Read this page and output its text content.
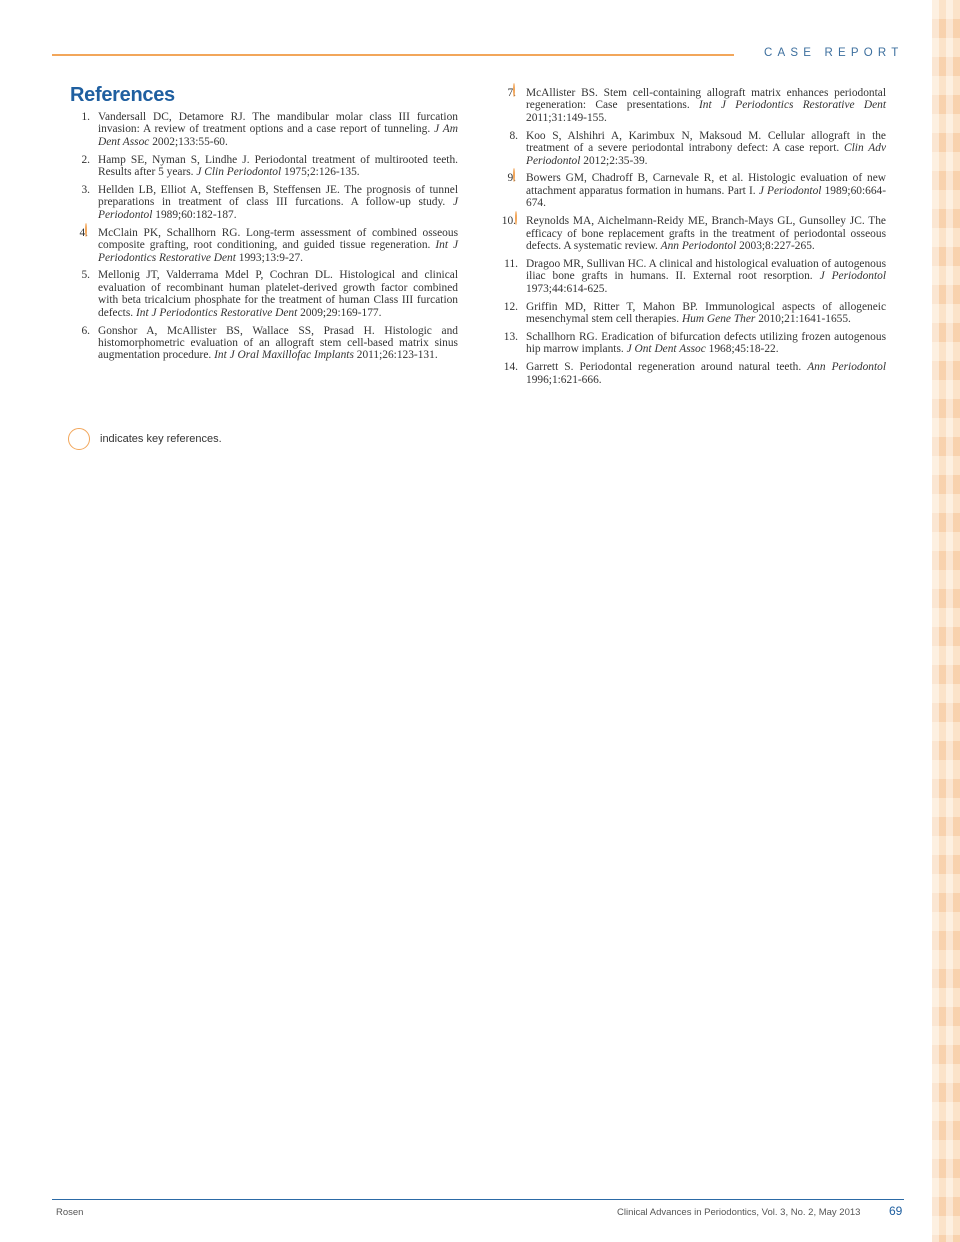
CASE REPORT
References
1. Vandersall DC, Detamore RJ. The mandibular molar class III furcation invasion: A review of treatment options and a case report of tunneling. J Am Dent Assoc 2002;133:55-60.
2. Hamp SE, Nyman S, Lindhe J. Periodontal treatment of multirooted teeth. Results after 5 years. J Clin Periodontol 1975;2:126-135.
3. Hellden LB, Elliot A, Steffensen B, Steffensen JE. The prognosis of tunnel preparations in treatment of class III furcations. A follow-up study. J Periodontol 1989;60:182-187.
4. McClain PK, Schallhorn RG. Long-term assessment of combined osseous composite grafting, root conditioning, and guided tissue regeneration. Int J Periodontics Restorative Dent 1993;13:9-27.
5. Mellonig JT, Valderrama Mdel P, Cochran DL. Histological and clinical evaluation of recombinant human platelet-derived growth factor combined with beta tricalcium phosphate for the treatment of human Class III furcation defects. Int J Periodontics Restorative Dent 2009;29:169-177.
6. Gonshor A, McAllister BS, Wallace SS, Prasad H. Histologic and histomorphometric evaluation of an allograft stem cell-based matrix sinus augmentation procedure. Int J Oral Maxillofac Implants 2011;26:123-131.
7. McAllister BS. Stem cell-containing allograft matrix enhances periodontal regeneration: Case presentations. Int J Periodontics Restorative Dent 2011;31:149-155.
8. Koo S, Alshihri A, Karimbux N, Maksoud M. Cellular allograft in the treatment of a severe periodontal intrabony defect: A case report. Clin Adv Periodontol 2012;2:35-39.
9. Bowers GM, Chadroff B, Carnevale R, et al. Histologic evaluation of new attachment apparatus formation in humans. Part I. J Periodontol 1989;60:664-674.
10. Reynolds MA, Aichelmann-Reidy ME, Branch-Mays GL, Gunsolley JC. The efficacy of bone replacement grafts in the treatment of periodontal osseous defects. A systematic review. Ann Periodontol 2003;8:227-265.
11. Dragoo MR, Sullivan HC. A clinical and histological evaluation of autogenous iliac bone grafts in humans. II. External root resorption. J Periodontol 1973;44:614-625.
12. Griffin MD, Ritter T, Mahon BP. Immunological aspects of allogeneic mesenchymal stem cell therapies. Hum Gene Ther 2010;21:1641-1655.
13. Schallhorn RG. Eradication of bifurcation defects utilizing frozen autogenous hip marrow implants. J Ont Dent Assoc 1968;45:18-22.
14. Garrett S. Periodontal regeneration around natural teeth. Ann Periodontol 1996;1:621-666.
indicates key references.
Rosen	Clinical Advances in Periodontics, Vol. 3, No. 2, May 2013 69
